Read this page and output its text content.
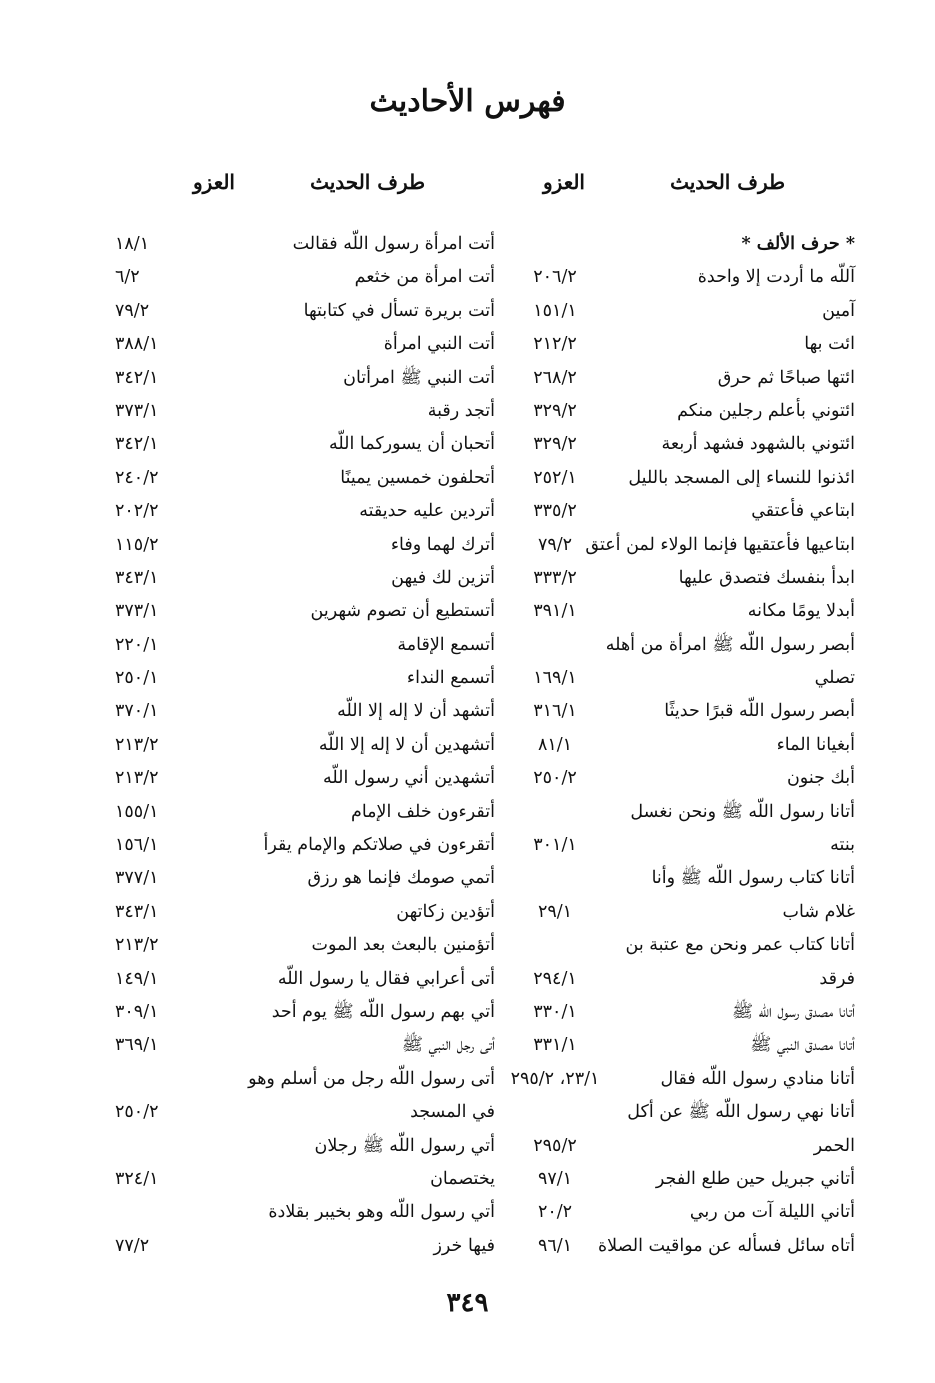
فهرس الأحاديث
طرف الحديث
العزو
طرف الحديث
العزو
* حرف الألف *
آللّه ما أردت إلا واحدة
٢٠٦/٢
آمين
١٥١/١
ائت بها
٢١٢/٢
ائتها صباحًا ثم حرق
٢٦٨/٢
ائتوني بأعلم رجلين منكم
٣٢٩/٢
ائتوني بالشهود فشهد أربعة
٣٢٩/٢
ائذنوا للنساء إلى المسجد بالليل
٢٥٢/١
ابتاعي فأعتقي
٣٣٥/٢
ابتاعيها فأعتقيها فإنما الولاء لمن أعتق
٧٩/٢
ابدأ بنفسك فتصدق عليها
٣٣٣/٢
أبدلا يومًا مكانه
٣٩١/١
أبصر رسول اللّه ﷺ امرأة من أهله
تصلي
١٦٩/١
أبصر رسول اللّه قبرًا حديثًا
٣١٦/١
أبغيانا الماء
٨١/١
أبك جنون
٢٥٠/٢
أتانا رسول اللّه ﷺ ونحن نغسل
بنته
٣٠١/١
أتانا كتاب رسول اللّه ﷺ وأنا
غلام شاب
٢٩/١
أتانا كتاب عمر ونحن مع عتبة بن
فرقد
٢٩٤/١
أتانا مصدق رسول اللّه ﷺ
٣٣٠/١
أتانا مصدق النبي ﷺ
٣٣١/١
أتانا منادي رسول اللّه فقال
٢٣/١، ٢٩٥/٢
أتانا نهي رسول اللّه ﷺ عن أكل
الحمر
٢٩٥/٢
أتاني جبريل حين طلع الفجر
٩٧/١
أتاني الليلة آت من ربي
٢٠/٢
أتاه سائل فسأله عن مواقيت الصلاة
٩٦/١
أتت امرأة رسول اللّه فقالت
١٨/١
أتت امرأة من خثعم
٦/٢
أتت بريرة تسأل في كتابتها
٧٩/٢
أتت النبي امرأة
٣٨٨/١
أتت النبي ﷺ امرأتان
٣٤٢/١
أتجد رقبة
٣٧٣/١
أتحبان أن يسوركما اللّه
٣٤٢/١
أتحلفون خمسين يمينًا
٢٤٠/٢
أتردين عليه حديقته
٢٠٢/٢
أترك لهما وفاء
١١٥/٢
أتزين لك فيهن
٣٤٣/١
أتستطيع أن تصوم شهرين
٣٧٣/١
أتسمع الإقامة
٢٢٠/١
أتسمع النداء
٢٥٠/١
أتشهد أن لا إله إلا اللّه
٣٧٠/١
أتشهدين أن لا إله إلا اللّه
٢١٣/٢
أتشهدين أني رسول اللّه
٢١٣/٢
أتقرءون خلف الإمام
١٥٥/١
أتقرءون في صلاتكم والإمام يقرأ
١٥٦/١
أتمي صومك فإنما هو رزق
٣٧٧/١
أتؤدين زكاتهن
٣٤٣/١
أتؤمنين بالبعث بعد الموت
٢١٣/٢
أتى أعرابي فقال يا رسول اللّه
١٤٩/١
أتي بهم رسول اللّه ﷺ يوم أحد
٣٠٩/١
أتى رجل النبي ﷺ
٣٦٩/١
أتى رسول اللّه رجل من أسلم وهو
في المسجد
٢٥٠/٢
أتي رسول اللّه ﷺ رجلان
يختصمان
٣٢٤/١
أتي رسول اللّه وهو بخيبر بقلادة
فيها خرز
٧٧/٢
٣٤٩
